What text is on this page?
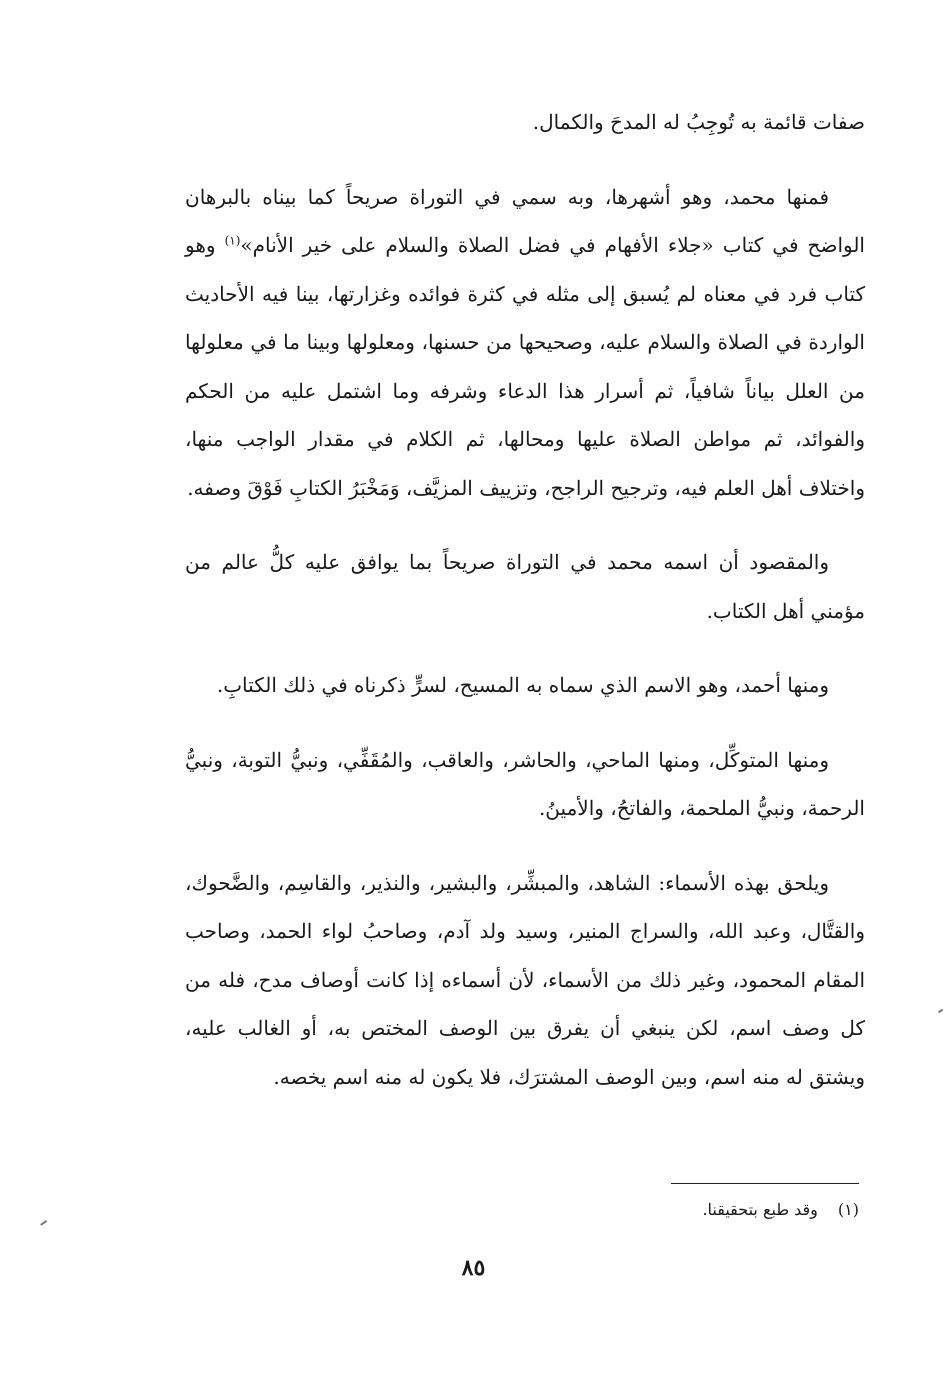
صفات قائمة به تُوجِبُ له المدحَ والكمال.

فمنها محمد، وهو أشهرها، وبه سمي في التوراة صريحاً كما بيناه بالبرهان الواضح في كتاب «جلاء الأفهام في فضل الصلاة والسلام على خير الأنام»$^{(١)}$ وهو كتاب فرد في معناه لم يُسبق إلى مثله في كثرة فوائده وغزارتها، بينا فيه الأحاديث الواردة في الصلاة والسلام عليه، وصحيحها من حسنها، ومعلولها وبينا ما في معلولها من العلل بياناً شافياً، ثم أسرار هذا الدعاء وشرفه وما اشتمل عليه من الحكم والفوائد، ثم مواطن الصلاة عليها ومحالها، ثم الكلام في مقدار الواجب منها، واختلاف أهل العلم فيه، وترجيح الراجح، وتزييف المزيَّف، وَمَخْبَرُ الكتابِ فَوْقَ وصفه.

والمقصود أن اسمه محمد في التوراة صريحاً بما يوافق عليه كلُّ عالم من مؤمني أهل الكتاب.

ومنها أحمد، وهو الاسم الذي سماه به المسيح، لسرٍّ ذكرناه في ذلك الكتابِ.

ومنها المتوكِّل، ومنها الماحي، والحاشر، والعاقب، والمُقَفِّي، ونبيُّ التوبة، ونبيُّ الرحمة، ونبيُّ الملحمة، والفاتحُ، والأمينُ.

ويلحق بهذه الأسماء: الشاهد، والمبشِّر، والبشير، والنذير، والقاسِم، والضَّحوك، والقتَّال، وعبد الله، والسراج المنير، وسيد ولد آدم، وصاحبُ لواء الحمد، وصاحب المقام المحمود، وغير ذلك من الأسماء، لأن أسماءه إذا كانت أوصاف مدح، فله من كل وصف اسم، لكن ينبغي أن يفرق بين الوصف المختص به، أو الغالب عليه، ويشتق له منه اسم، وبين الوصف المشترَك، فلا يكون له منه اسم يخصه.

(١) وقد طبع بتحقيقنا.
٨٥
